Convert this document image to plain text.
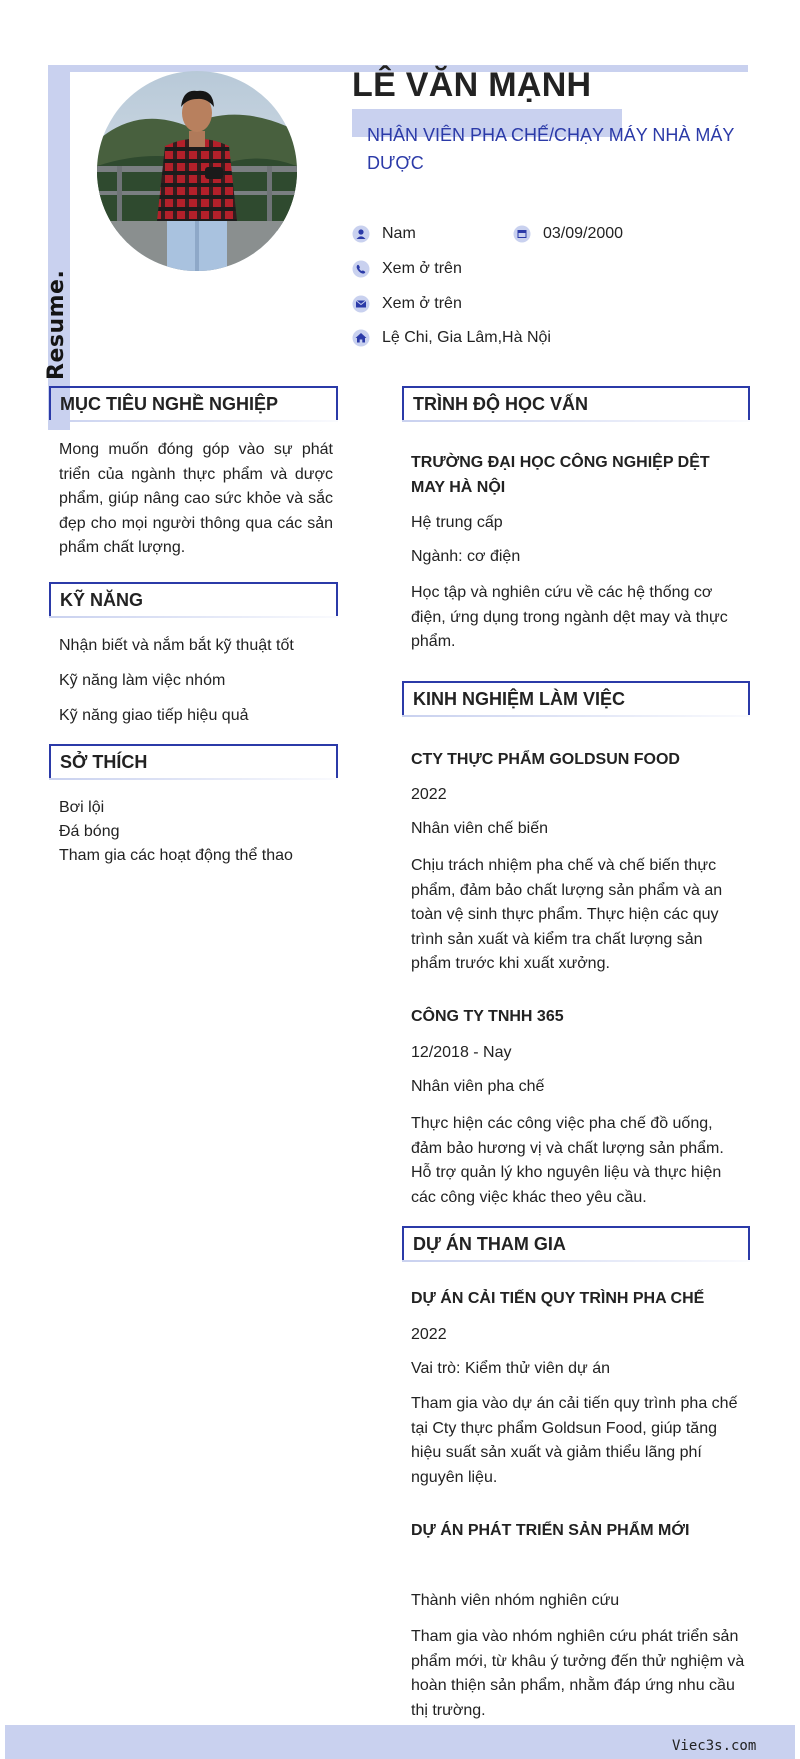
Resume.
LÊ VĂN MẠNH
NHÂN VIÊN PHA CHẾ/CHẠY MÁY NHÀ MÁY DƯỢC
Nam	03/09/2000
Xem ở trên
Xem ở trên
Lệ Chi, Gia Lâm,Hà Nội
MỤC TIÊU NGHỀ NGHIỆP
Mong muốn đóng góp vào sự phát triển của ngành thực phẩm và dược phẩm, giúp nâng cao sức khỏe và sắc đẹp cho mọi người thông qua các sản phẩm chất lượng.
KỸ NĂNG
Nhận biết và nắm bắt kỹ thuật tốt
Kỹ năng làm việc nhóm
Kỹ năng giao tiếp hiệu quả
SỞ THÍCH
Bơi lội
Đá bóng
Tham gia các hoạt động thể thao
TRÌNH ĐỘ HỌC VẤN
TRƯỜNG ĐẠI HỌC CÔNG NGHIỆP DỆT MAY HÀ NỘI
Hệ trung cấp
Ngành: cơ điện
Học tập và nghiên cứu về các hệ thống cơ điện, ứng dụng trong ngành dệt may và thực phẩm.
KINH NGHIỆM LÀM VIỆC
CTY THỰC PHẨM GOLDSUN FOOD
2022
Nhân viên chế biến
Chịu trách nhiệm pha chế và chế biến thực phẩm, đảm bảo chất lượng sản phẩm và an toàn vệ sinh thực phẩm. Thực hiện các quy trình sản xuất và kiểm tra chất lượng sản phẩm trước khi xuất xưởng.
CÔNG TY TNHH 365
12/2018 - Nay
Nhân viên pha chế
Thực hiện các công việc pha chế đồ uống, đảm bảo hương vị và chất lượng sản phẩm. Hỗ trợ quản lý kho nguyên liệu và thực hiện các công việc khác theo yêu cầu.
DỰ ÁN THAM GIA
DỰ ÁN CẢI TIẾN QUY TRÌNH PHA CHẾ
2022
Vai trò: Kiểm thử viên dự án
Tham gia vào dự án cải tiến quy trình pha chế tại Cty thực phẩm Goldsun Food, giúp tăng hiệu suất sản xuất và giảm thiểu lãng phí nguyên liệu.
DỰ ÁN PHÁT TRIỂN SẢN PHẨM MỚI
Thành viên nhóm nghiên cứu
Tham gia vào nhóm nghiên cứu phát triển sản phẩm mới, từ khâu ý tưởng đến thử nghiệm và hoàn thiện sản phẩm, nhằm đáp ứng nhu cầu thị trường.
Viec3s.com
